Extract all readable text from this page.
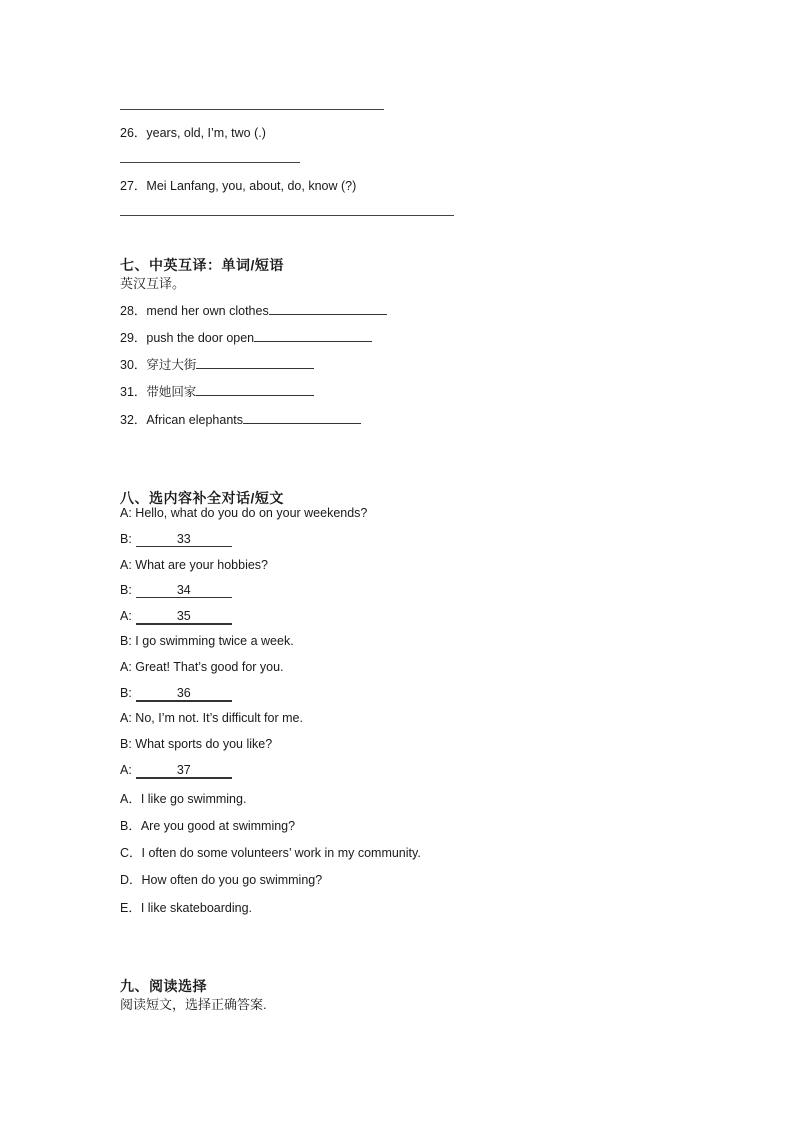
26．years, old, I’m, two (.)
27．Mei Lanfang, you, about, do, know (?)
七、中英互译：单词/短语
英汉互译。
28．mend her own clothes
29．push the door open
30．穿过大街
31．带她回家
32．African elephants
八、选内容补全对话/短文
A: Hello, what do you do on your weekends?
B:	33
A: What are your hobbies?
B:	34
A:	35
B: I go swimming twice a week.
A: Great! That’s good for you.
B:	36
A: No, I’m not. It’s difficult for me.
B: What sports do you like?
A:	37
A．I like go swimming.
B．Are you good at swimming?
C．I often do some volunteers’ work in my community.
D．How often do you go swimming?
E．I like skateboarding.
九、阅读选择
阅读短文，选择正确答案.
